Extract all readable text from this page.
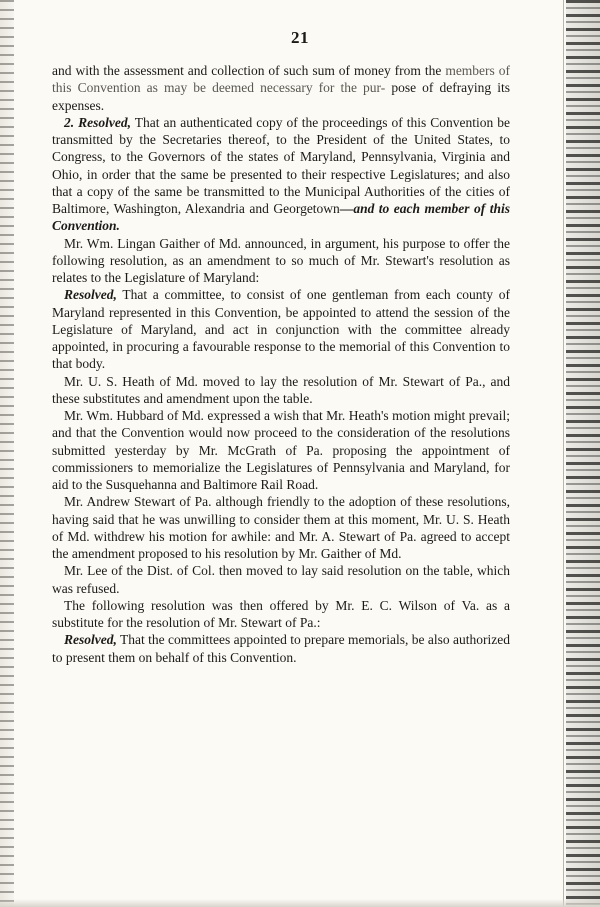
21

and with the assessment and collection of such sum of money from the members of this Convention as may be deemed necessary for the pur- pose of defraying its expenses.

2. Resolved, That an authenticated copy of the proceedings of this Convention be transmitted by the Secretaries thereof, to the President of the United States, to Congress, to the Governors of the states of Maryland, Pennsylvania, Virginia and Ohio, in order that the same be presented to their respective Legislatures; and also that a copy of the same be transmitted to the Municipal Authorities of the cities of Baltimore, Washington, Alexandria and Georgetown—and to each member of this Convention.

Mr. Wm. Lingan Gaither of Md. announced, in argument, his purpose to offer the following resolution, as an amendment to so much of Mr. Stewart's resolution as relates to the Legislature of Maryland:

Resolved, That a committee, to consist of one gentleman from each county of Maryland represented in this Convention, be appointed to attend the session of the Legislature of Maryland, and act in conjunction with the committee already appointed, in procuring a favourable response to the memorial of this Convention to that body.

Mr. U. S. Heath of Md. moved to lay the resolution of Mr. Stewart of Pa., and these substitutes and amendment upon the table.

Mr. Wm. Hubbard of Md. expressed a wish that Mr. Heath's motion might prevail; and that the Convention would now proceed to the consideration of the resolutions submitted yesterday by Mr. McGrath of Pa. proposing the appointment of commissioners to memorialize the Legislatures of Pennsylvania and Maryland, for aid to the Susquehanna and Baltimore Rail Road.

Mr. Andrew Stewart of Pa. although friendly to the adoption of these resolutions, having said that he was unwilling to consider them at this moment, Mr. U. S. Heath of Md. withdrew his motion for awhile: and Mr. A. Stewart of Pa. agreed to accept the amendment proposed to his resolution by Mr. Gaither of Md.

Mr. Lee of the Dist. of Col. then moved to lay said resolution on the table, which was refused.

The following resolution was then offered by Mr. E. C. Wilson of Va. as a substitute for the resolution of Mr. Stewart of Pa.:

Resolved, That the committees appointed to prepare memorials, be also authorized to present them on behalf of this Convention.
